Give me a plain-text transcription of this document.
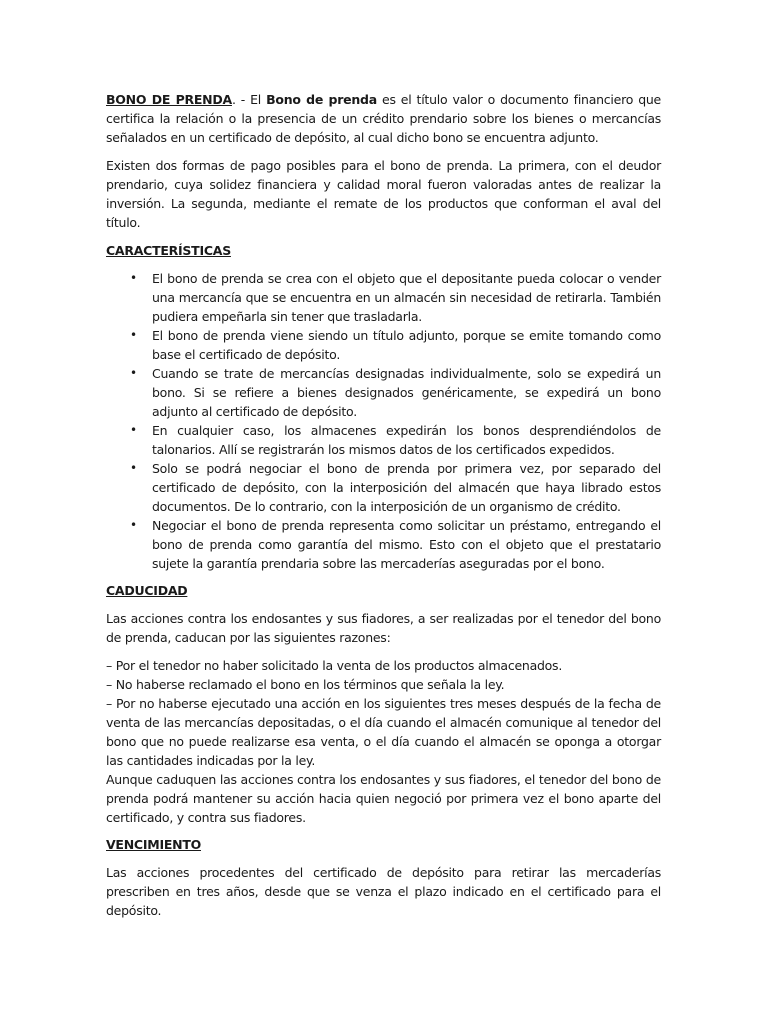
BONO DE PRENDA. - El Bono de prenda es el título valor o documento financiero que certifica la relación o la presencia de un crédito prendario sobre los bienes o mercancías señalados en un certificado de depósito, al cual dicho bono se encuentra adjunto.

Existen dos formas de pago posibles para el bono de prenda. La primera, con el deudor prendario, cuya solidez financiera y calidad moral fueron valoradas antes de realizar la inversión. La segunda, mediante el remate de los productos que conforman el aval del título.

CARACTERÍSTICAS
• El bono de prenda se crea con el objeto que el depositante pueda colocar o vender una mercancía que se encuentra en un almacén sin necesidad de retirarla. También pudiera empeñarla sin tener que trasladarla.
• El bono de prenda viene siendo un título adjunto, porque se emite tomando como base el certificado de depósito.
• Cuando se trate de mercancías designadas individualmente, solo se expedirá un bono. Si se refiere a bienes designados genéricamente, se expedirá un bono adjunto al certificado de depósito.
• En cualquier caso, los almacenes expedirán los bonos desprendiéndolos de talonarios. Allí se registrarán los mismos datos de los certificados expedidos.
• Solo se podrá negociar el bono de prenda por primera vez, por separado del certificado de depósito, con la interposición del almacén que haya librado estos documentos. De lo contrario, con la interposición de un organismo de crédito.
• Negociar el bono de prenda representa como solicitar un préstamo, entregando el bono de prenda como garantía del mismo. Esto con el objeto que el prestatario sujete la garantía prendaria sobre las mercaderías aseguradas por el bono.
CADUCIDAD

Las acciones contra los endosantes y sus fiadores, a ser realizadas por el tenedor del bono de prenda, caducan por las siguientes razones:

– Por el tenedor no haber solicitado la venta de los productos almacenados.

– No haberse reclamado el bono en los términos que señala la ley.

– Por no haberse ejecutado una acción en los siguientes tres meses después de la fecha de venta de las mercancías depositadas, o el día cuando el almacén comunique al tenedor del bono que no puede realizarse esa venta, o el día cuando el almacén se oponga a otorgar las cantidades indicadas por la ley.

Aunque caduquen las acciones contra los endosantes y sus fiadores, el tenedor del bono de prenda podrá mantener su acción hacia quien negoció por primera vez el bono aparte del certificado, y contra sus fiadores.

VENCIMIENTO

Las acciones procedentes del certificado de depósito para retirar las mercaderías prescriben en tres años, desde que se venza el plazo indicado en el certificado para el depósito.
